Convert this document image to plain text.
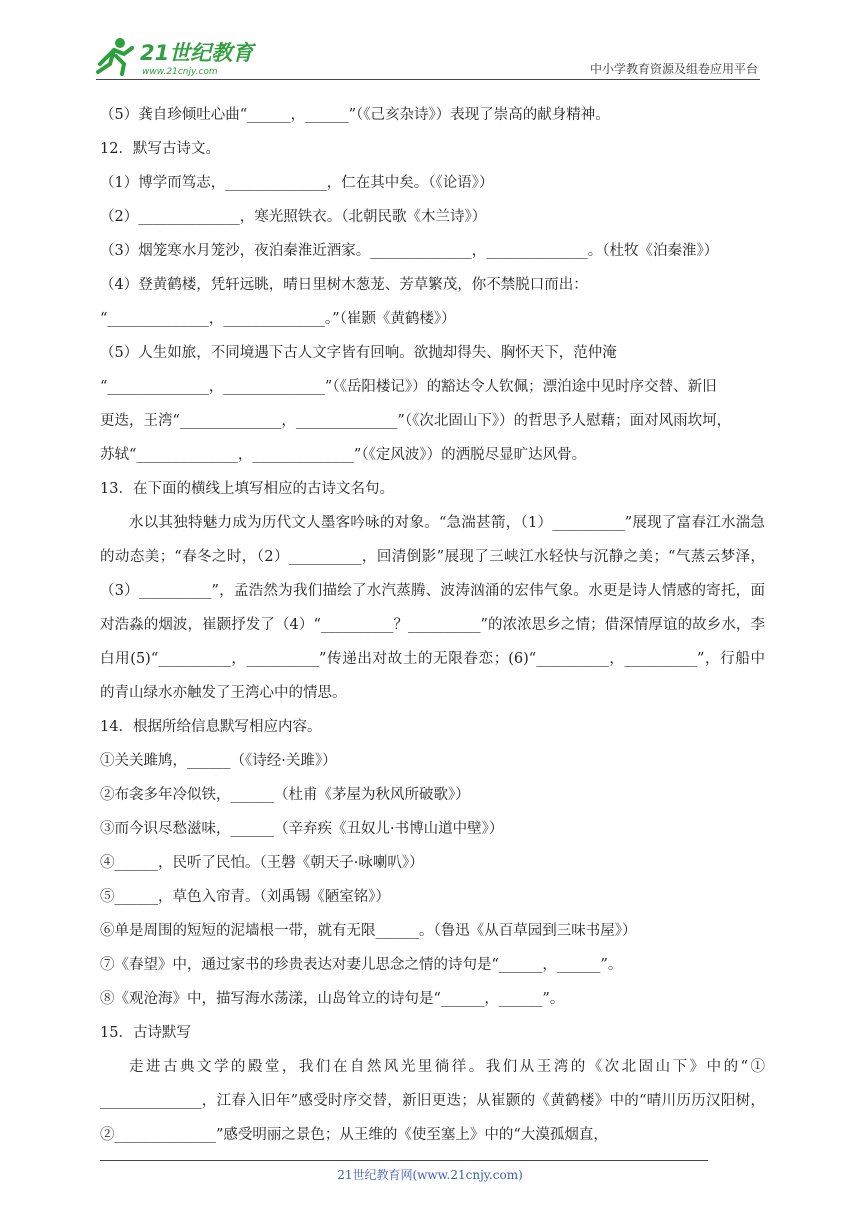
21世纪教育
www.21cnjy.com	中小学教育资源及组卷应用平台
（5）龚自珍倾吐心曲“______，______”（《己亥杂诗》）表现了崇高的献身精神。
12．默写古诗文。
（1）博学而笃志，______________，仁在其中矣。（《论语》）
（2）______________，寒光照铁衣。（北朝民歌《木兰诗》）
（3）烟笼寒水月笼沙，夜泊秦淮近酒家。______________，______________。（杜牧《泊秦淮》）
（4）登黄鹤楼，凭轩远眺，晴日里树木葱茏、芳草繁茂，你不禁脱口而出：
“______________，______________。”（崔颢《黄鹤楼》）
（5）人生如旅，不同境遇下古人文字皆有回响。欲抛却得失、胸怀天下，范仲淹
“______________，______________”（《岳阳楼记》）的豁达令人钦佩；漂泊途中见时序交替、新旧
更迭，王湾“______________，______________”（《次北固山下》）的哲思予人慰藉；面对风雨坎坷，
苏轼“______________，______________”（《定风波》）的洒脱尽显旷达风骨。
13．在下面的横线上填写相应的古诗文名句。
水以其独特魅力成为历代文人墨客吟咏的对象。“急湍甚箭，（1）__________”展现了富春江水湍急的动态美；“春冬之时，（2）__________，回清倒影”展现了三峡江水轻快与沉静之美；“气蒸云梦泽，（3）__________”，孟浩然为我们描绘了水汽蒸腾、波涛汹涌的宏伟气象。水更是诗人情感的寄托，面对浩淼的烟波，崔颢抒发了（4）“__________？__________”的浓浓思乡之情；借深情厚谊的故乡水，李白用(5)“__________，__________”传递出对故土的无限眷恋；(6)“__________，__________”，行船中的青山绿水亦触发了王湾心中的情思。
14．根据所给信息默写相应内容。
①关关雎鸠，______（《诗经·关雎》）
②布衾多年冷似铁，______（杜甫《茅屋为秋风所破歌》）
③而今识尽愁滋味，______（辛弃疾《丑奴儿·书博山道中壁》）
④______，民听了民怕。（王磐《朝天子·咏喇叭》）
⑤______，草色入帘青。（刘禹锡《陋室铭》）
⑥单是周围的短短的泥墙根一带，就有无限______。（鲁迅《从百草园到三味书屋》）
⑦《春望》中，通过家书的珍贵表达对妻儿思念之情的诗句是“______，______”。
⑧《观沧海》中，描写海水荡漾，山岛耸立的诗句是“______，______”。
15．古诗默写
走进古典文学的殿堂，我们在自然风光里徜徉。我们从王湾的《次北固山下》中的“① ______________，江春入旧年”感受时序交替，新旧更迭；从崔颢的《黄鹤楼》中的“晴川历历汉阳树，②______________”感受明丽之景色；从王维的《使至塞上》中的“大漠孤烟直，
21世纪教育网(www.21cnjy.com)
